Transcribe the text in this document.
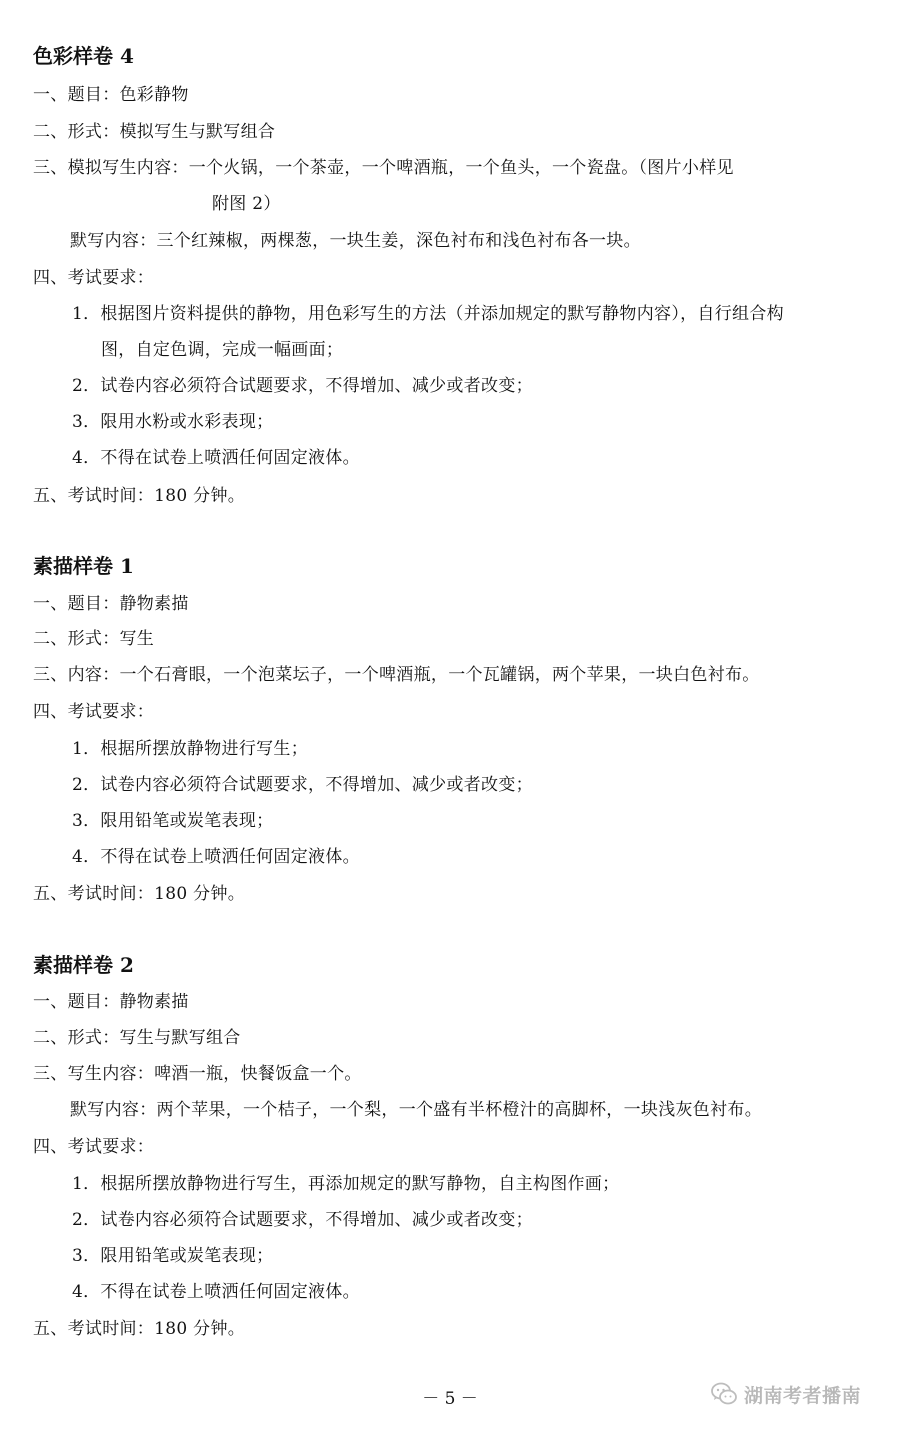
色彩样卷 4
一、题目：色彩静物
二、形式：模拟写生与默写组合
三、模拟写生内容：一个火锅，一个茶壶，一个啤酒瓶，一个鱼头，一个瓷盘。（图片小样见
附图 2）
默写内容：三个红辣椒，两棵葱，一块生姜，深色衬布和浅色衬布各一块。
四、考试要求：
1．根据图片资料提供的静物，用色彩写生的方法（并添加规定的默写静物内容），自行组合构
图，自定色调，完成一幅画面；
2．试卷内容必须符合试题要求，不得增加、减少或者改变；
3．限用水粉或水彩表现；
4．不得在试卷上喷洒任何固定液体。
五、考试时间：180 分钟。
素描样卷 1
一、题目：静物素描
二、形式：写生
三、内容：一个石膏眼，一个泡菜坛子，一个啤酒瓶，一个瓦罐锅，两个苹果，一块白色衬布。
四、考试要求：
1．根据所摆放静物进行写生；
2．试卷内容必须符合试题要求，不得增加、减少或者改变；
3．限用铅笔或炭笔表现；
4．不得在试卷上喷洒任何固定液体。
五、考试时间：180 分钟。
素描样卷 2
一、题目：静物素描
二、形式：写生与默写组合
三、写生内容：啤酒一瓶，快餐饭盒一个。
默写内容：两个苹果，一个桔子，一个梨，一个盛有半杯橙汁的高脚杯，一块浅灰色衬布。
四、考试要求：
1．根据所摆放静物进行写生，再添加规定的默写静物，自主构图作画；
2．试卷内容必须符合试题要求，不得增加、减少或者改变；
3．限用铅笔或炭笔表现；
4．不得在试卷上喷洒任何固定液体。
五、考试时间：180 分钟。
－ 5 －	湖南考者播南
